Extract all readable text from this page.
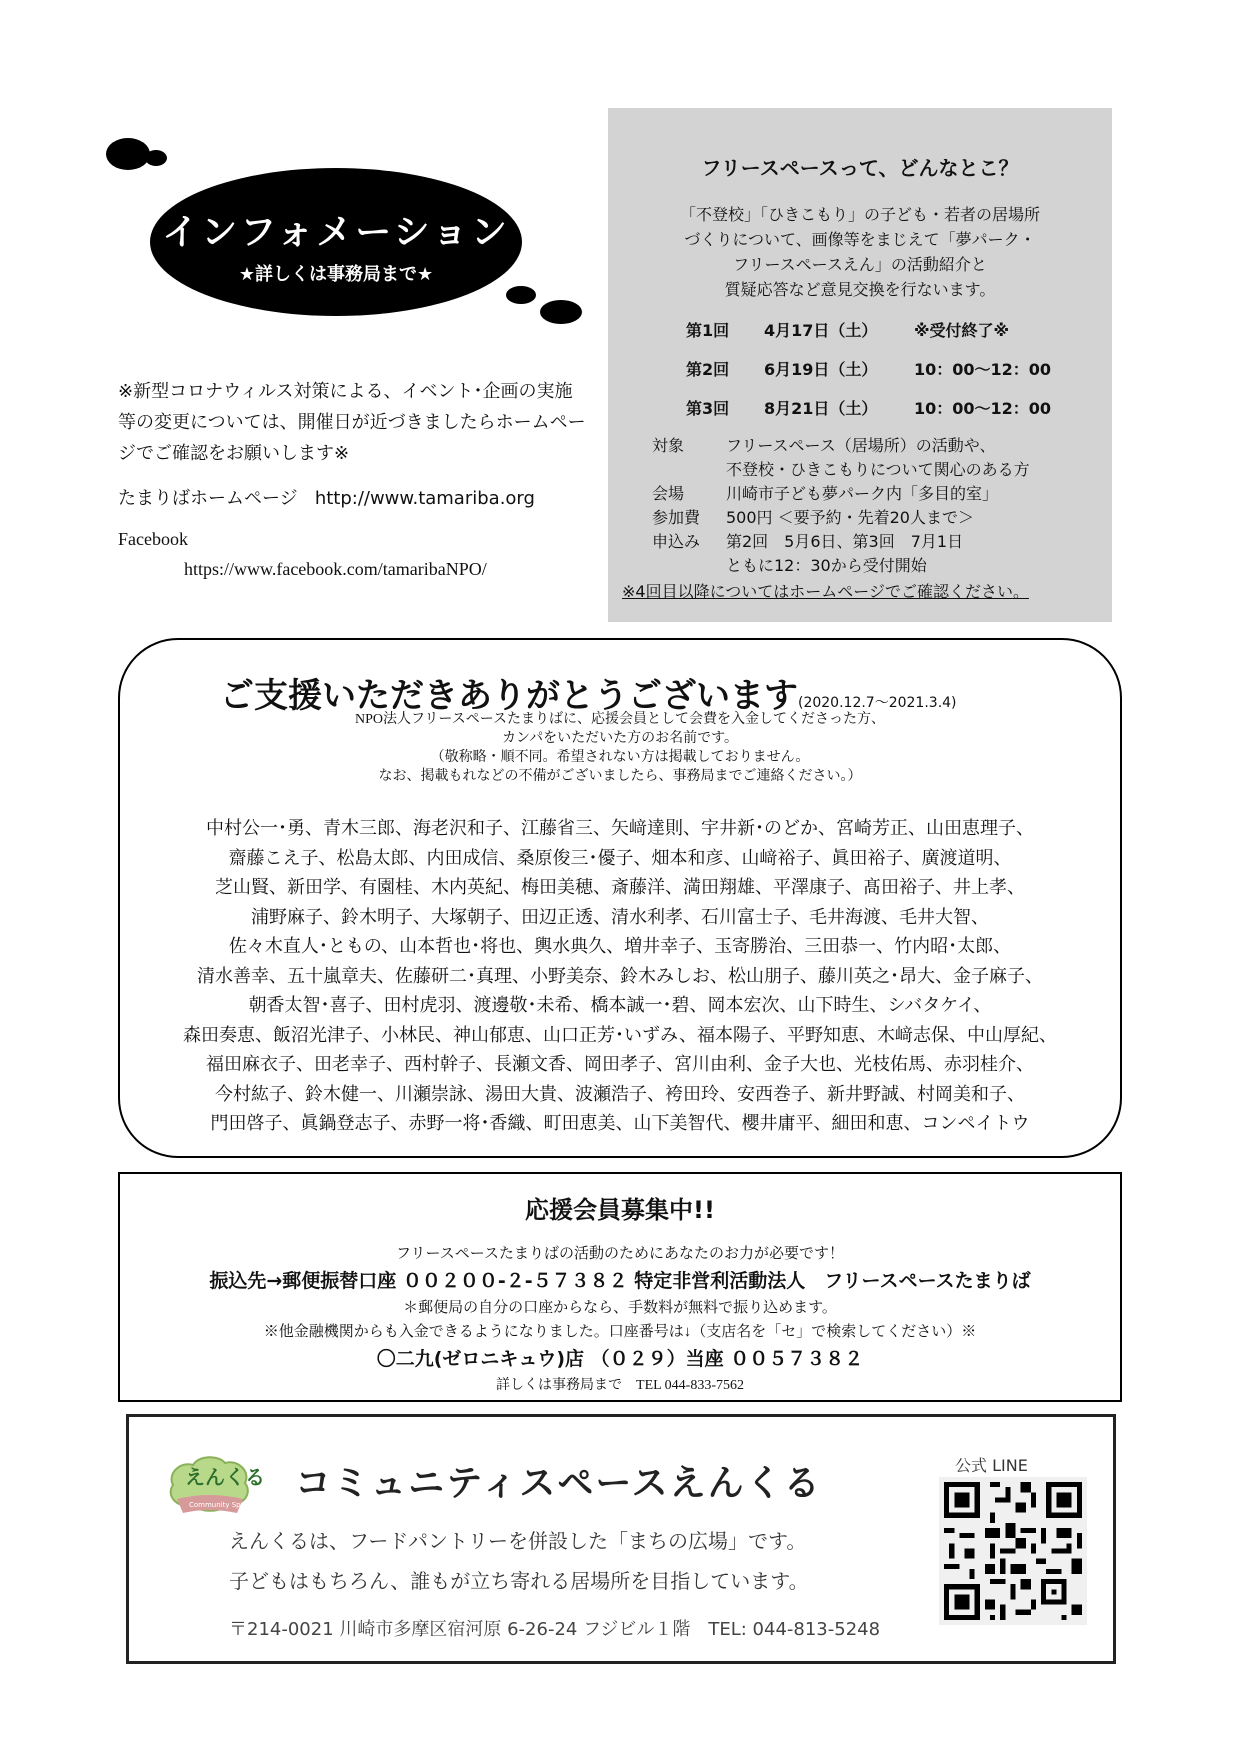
インフォメーション
★詳しくは事務局まで★
※新型コロナウィルス対策による、イベント･企画の実施等の変更については、開催日が近づきましたらホームページでご確認をお願いします※
たまりばホームページ http://www.tamariba.org
Facebook
https://www.facebook.com/tamaribaNPO/
フリースペースって、どんなとこ？
「不登校」「ひきこもり」の子ども・若者の居場所
づくりについて、画像等をまじえて「夢パーク・
フリースペースえん」の活動紹介と
質疑応答など意見交換を行ないます。
第1回 4月17日（土） ※受付終了※
第2回 6月19日（土） 10：00～12：00
第3回 8月21日（土） 10：00～12：00
対象	フリースペース（居場所）の活動や、
不登校・ひきこもりについて関心のある方
会場	川崎市子ども夢パーク内「多目的室」
参加費 500円 ＜要予約・先着20人まで＞
申込み 第2回　5月6日、第3回　7月1日
ともに12：30から受付開始
※4回目以降についてはホームページでご確認ください。
ご支援いただきありがとうございます(2020.12.7～2021.3.4)
NPO法人フリースペースたまりばに、応援会員として会費を入金してくださった方、
カンパをいただいた方のお名前です。
（敬称略・順不同。希望されない方は掲載しておりません。
なお、掲載もれなどの不備がございましたら、事務局までご連絡ください。）
中村公一･勇、青木三郎、海老沢和子、江藤省三、矢﨑達則、宇井新･のどか、宮崎芳正、山田恵理子、
齋藤こえ子、松島太郎、内田成信、桑原俊三･優子、畑本和彦、山﨑裕子、眞田裕子、廣渡道明、
芝山賢、新田学、有園桂、木内英紀、梅田美穂、斎藤洋、満田翔雄、平澤康子、髙田裕子、井上孝、
浦野麻子、鈴木明子、大塚朝子、田辺正透、清水利孝、石川富士子、毛井海渡、毛井大智、
佐々木直人･ともの、山本哲也･将也、輿水典久、増井幸子、玉寄勝治、三田恭一、竹内昭･太郎、
清水善幸、五十嵐章夫、佐藤研二･真理、小野美奈、鈴木みしお、松山朋子、藤川英之･昂大、金子麻子、
朝香太智･喜子、田村虎羽、渡邊敬･未希、橋本誠一･碧、岡本宏次、山下時生、シバタケイ、
森田奏恵、飯沼光津子、小林民、神山郁恵、山口正芳･いずみ、福本陽子、平野知恵、木﨑志保、中山厚紀、
福田麻衣子、田老幸子、西村幹子、長瀬文香、岡田孝子、宮川由利、金子大也、光枝佑馬、赤羽桂介、
今村紘子、鈴木健一、川瀬崇詠、湯田大貴、波瀬浩子、袴田玲、安西巻子、新井野誠、村岡美和子、
門田啓子、眞鍋登志子、赤野一将･香織、町田恵美、山下美智代、櫻井庸平、細田和恵、コンペイトウ
応援会員募集中!!
フリースペースたまりばの活動のためにあなたのお力が必要です！
振込先→郵便振替口座 ００２００-２-５７３８２ 特定非営利活動法人　フリースペースたまりば
＊郵便局の自分の口座からなら、手数料が無料で振り込めます。
※他金融機関からも入金できるようになりました。口座番号は↓（支店名を「セ」で検索してください）※
〇二九(ゼロニキュウ)店 （０２９）当座 ００５７３８２
詳しくは事務局まで　TEL 044-833-7562
えんくる
Community Space
コミュニティスペースえんくる
えんくるは、フードパントリーを併設した「まちの広場」です。
子どもはもちろん、誰もが立ち寄れる居場所を目指しています。
〒214-0021 川崎市多摩区宿河原 6-26-24 フジビル１階　TEL: 044-813-5248
公式 LINE
